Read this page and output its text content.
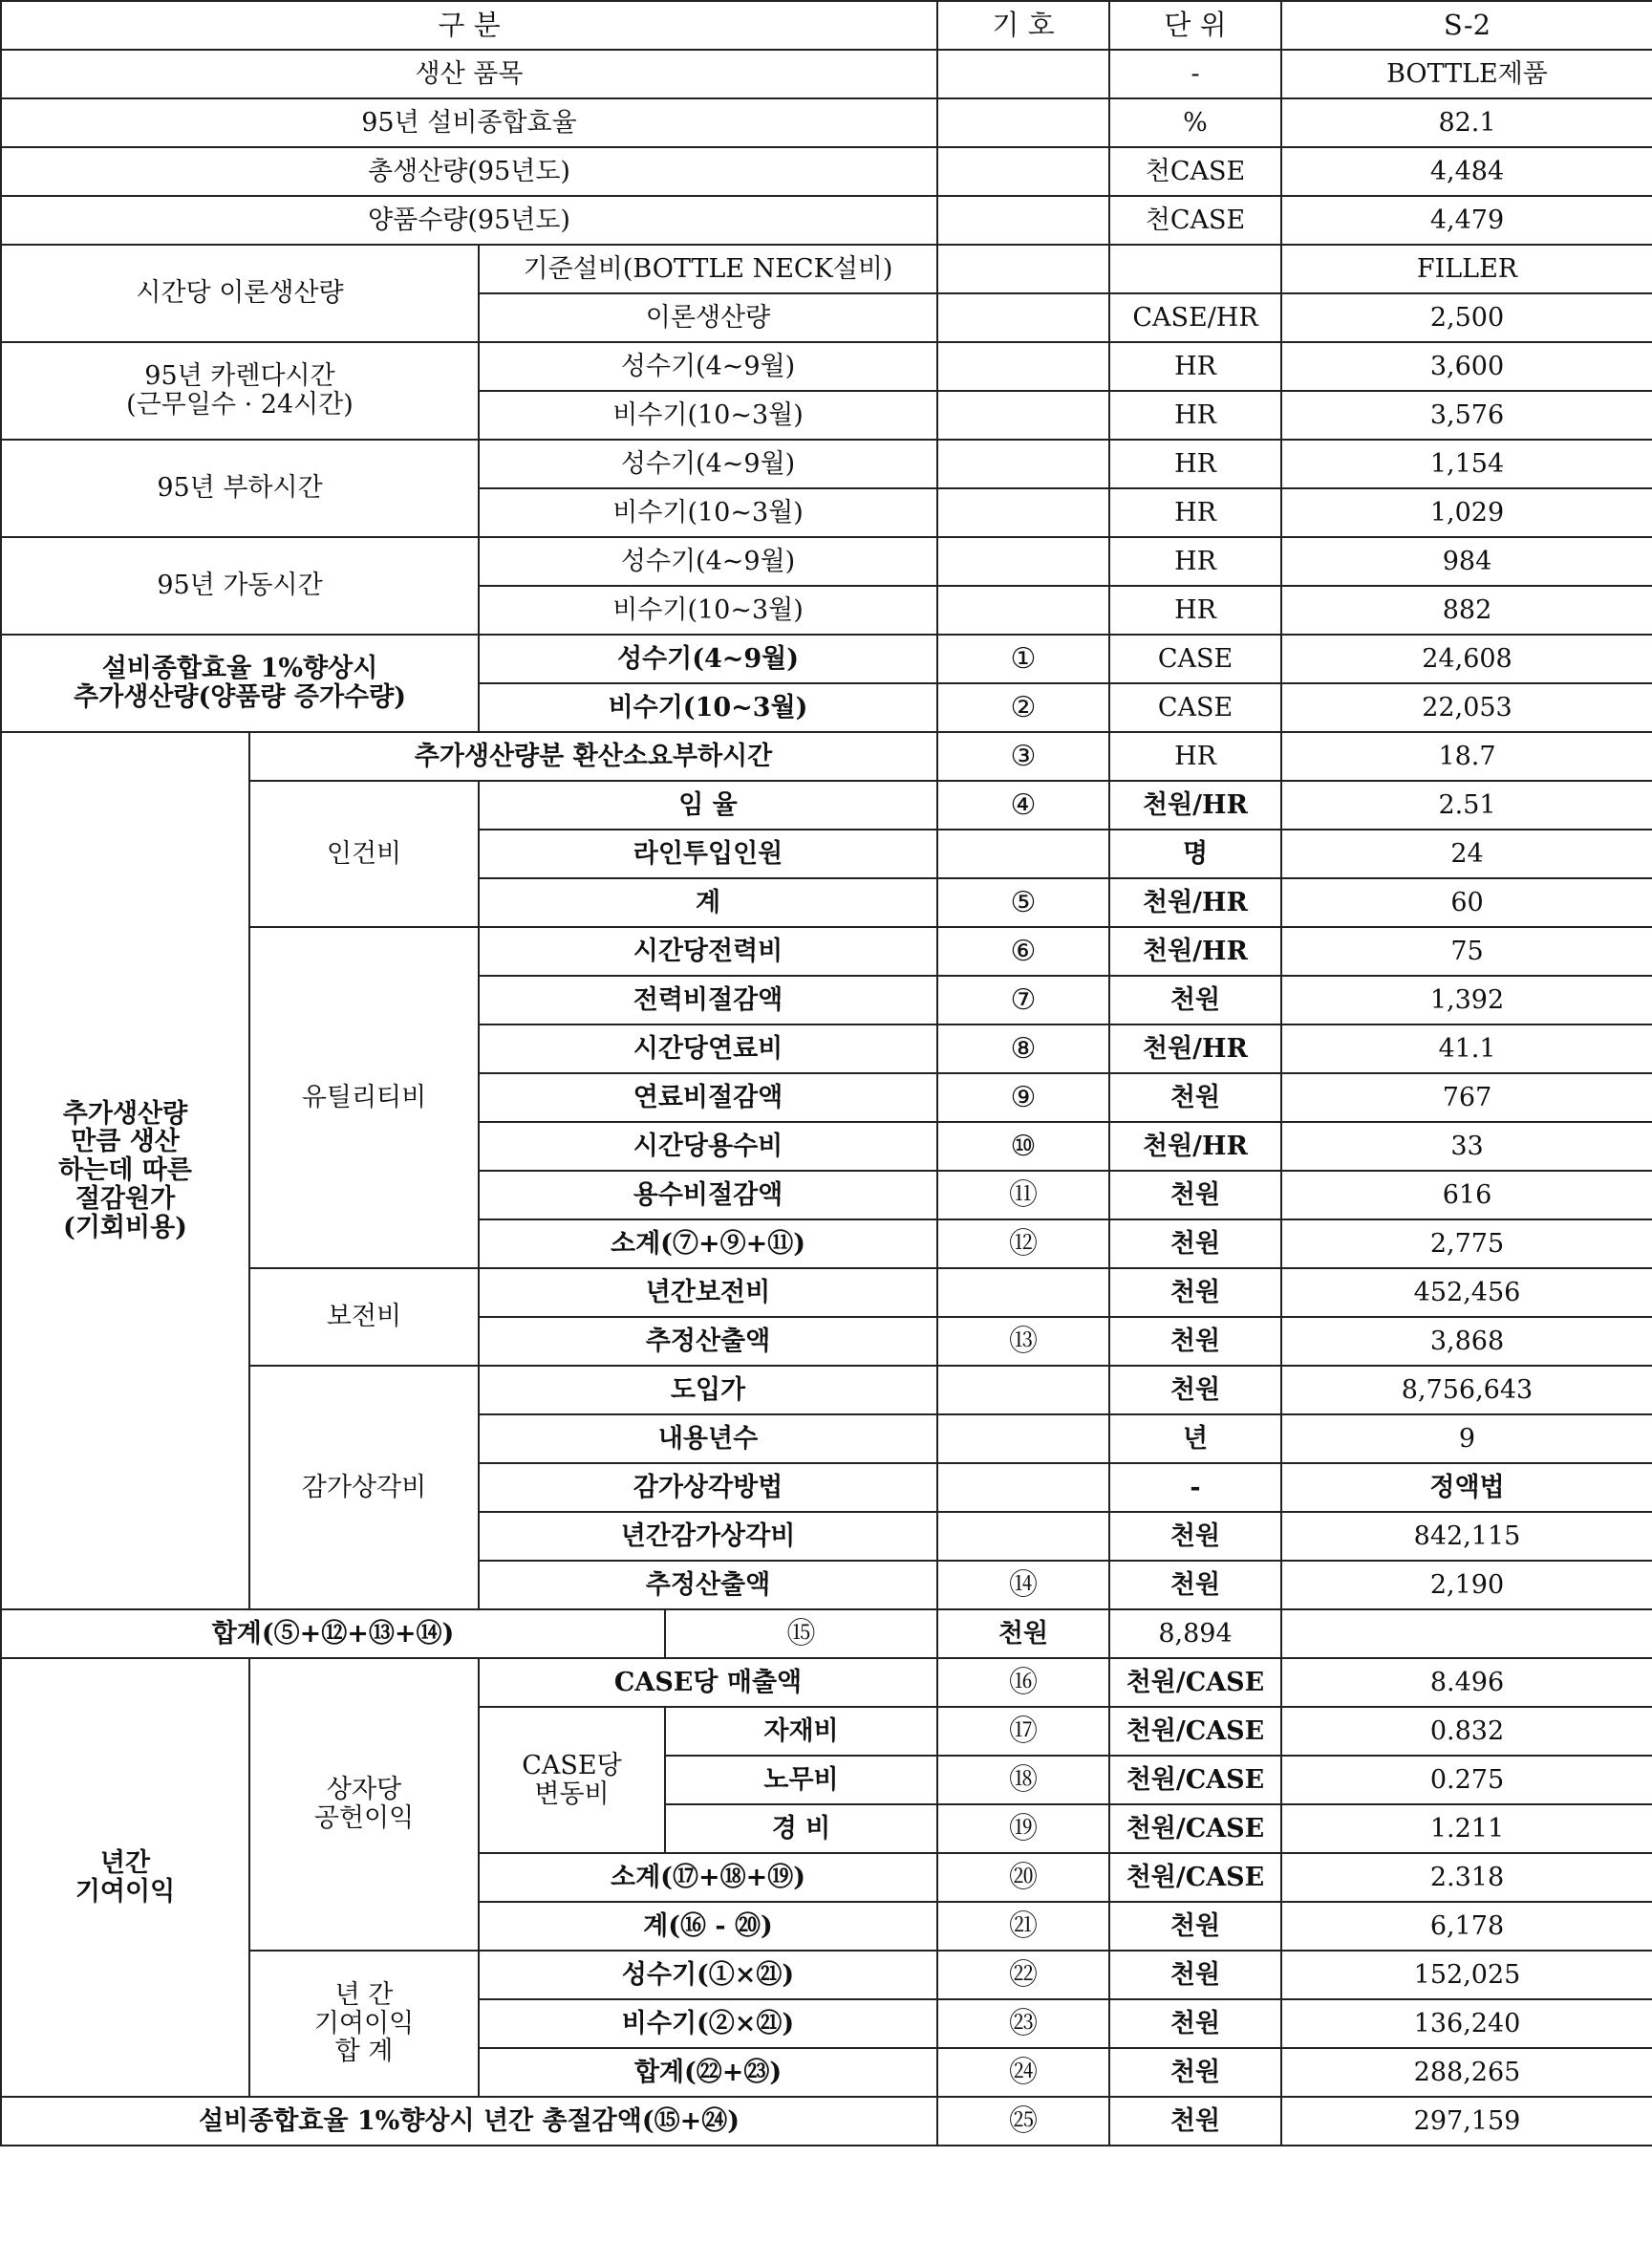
구 분				기 호	단 위	S-2
생산 품목					-	BOTTLE제품
95년 설비종합효율					%	82.1
총생산량(95년도)					천CASE	4,484
양품수량(95년도)					천CASE	4,479
시간당 이론생산량		기준설비(BOTTLE NECK설비)				FILLER
		이론생산량			CASE/HR	2,500

95년 카렌다시간
(근무일수 · 24시간)		성수기(4~9월)			HR	3,600
		비수기(10~3월)			HR	3,576
95년 부하시간		성수기(4~9월)			HR	1,154
		비수기(10~3월)			HR	1,029
95년 가동시간		성수기(4~9월)			HR	984
		비수기(10~3월)			HR	882

설비종합효율 1%향상시
추가생산량(양품량 증가수량)		성수기(4~9월)		①	CASE	24,608
		비수기(10~3월)		②	CASE	22,053

추가생산량
만큼 생산
하는데 따른
절감원가
(기회비용)	추가생산량분 환산소요부하시간			③	HR	18.7
	인건비	임 율		④	천원/HR	2.51
		라인투입인원			명	24
		계		⑤	천원/HR	60
	유틸리티비	시간당전력비		⑥	천원/HR	75
		전력비절감액		⑦	천원	1,392
		시간당연료비		⑧	천원/HR	41.1
		연료비절감액		⑨	천원	767
		시간당용수비		⑩	천원/HR	33
		용수비절감액		⑪	천원	616
		소계(⑦+⑨+⑪)		⑫	천원	2,775
	보전비	년간보전비			천원	452,456
		추정산출액		⑬	천원	3,868
	감가상각비	도입가			천원	8,756,643
		내용년수			년	9
		감가상각방법			-	정액법
		년간감가상각비			천원	842,115
		추정산출액		⑭	천원	2,190
합계(⑤+⑫+⑬+⑭)			⑮	천원	8,894	

년간
기여이익	상자당
공헌이익	CASE당 매출액		⑯	천원/CASE	8.496

		CASE당
변동비	자재비	⑰	천원/CASE	0.832
			노무비	⑱	천원/CASE	0.275
			경 비	⑲	천원/CASE	1.211
		소계(⑰+⑱+⑲)		⑳	천원/CASE	2.318
		계(⑯ - ⑳)		㉑	천원	6,178

	년 간
기여이익
합 계	성수기(①×㉑)		㉒	천원	152,025
		비수기(②×㉑)		㉓	천원	136,240
		합계(㉒+㉓)		㉔	천원	288,265
설비종합효율 1%향상시 년간 총절감액(⑮+㉔)				㉕	천원	297,159
